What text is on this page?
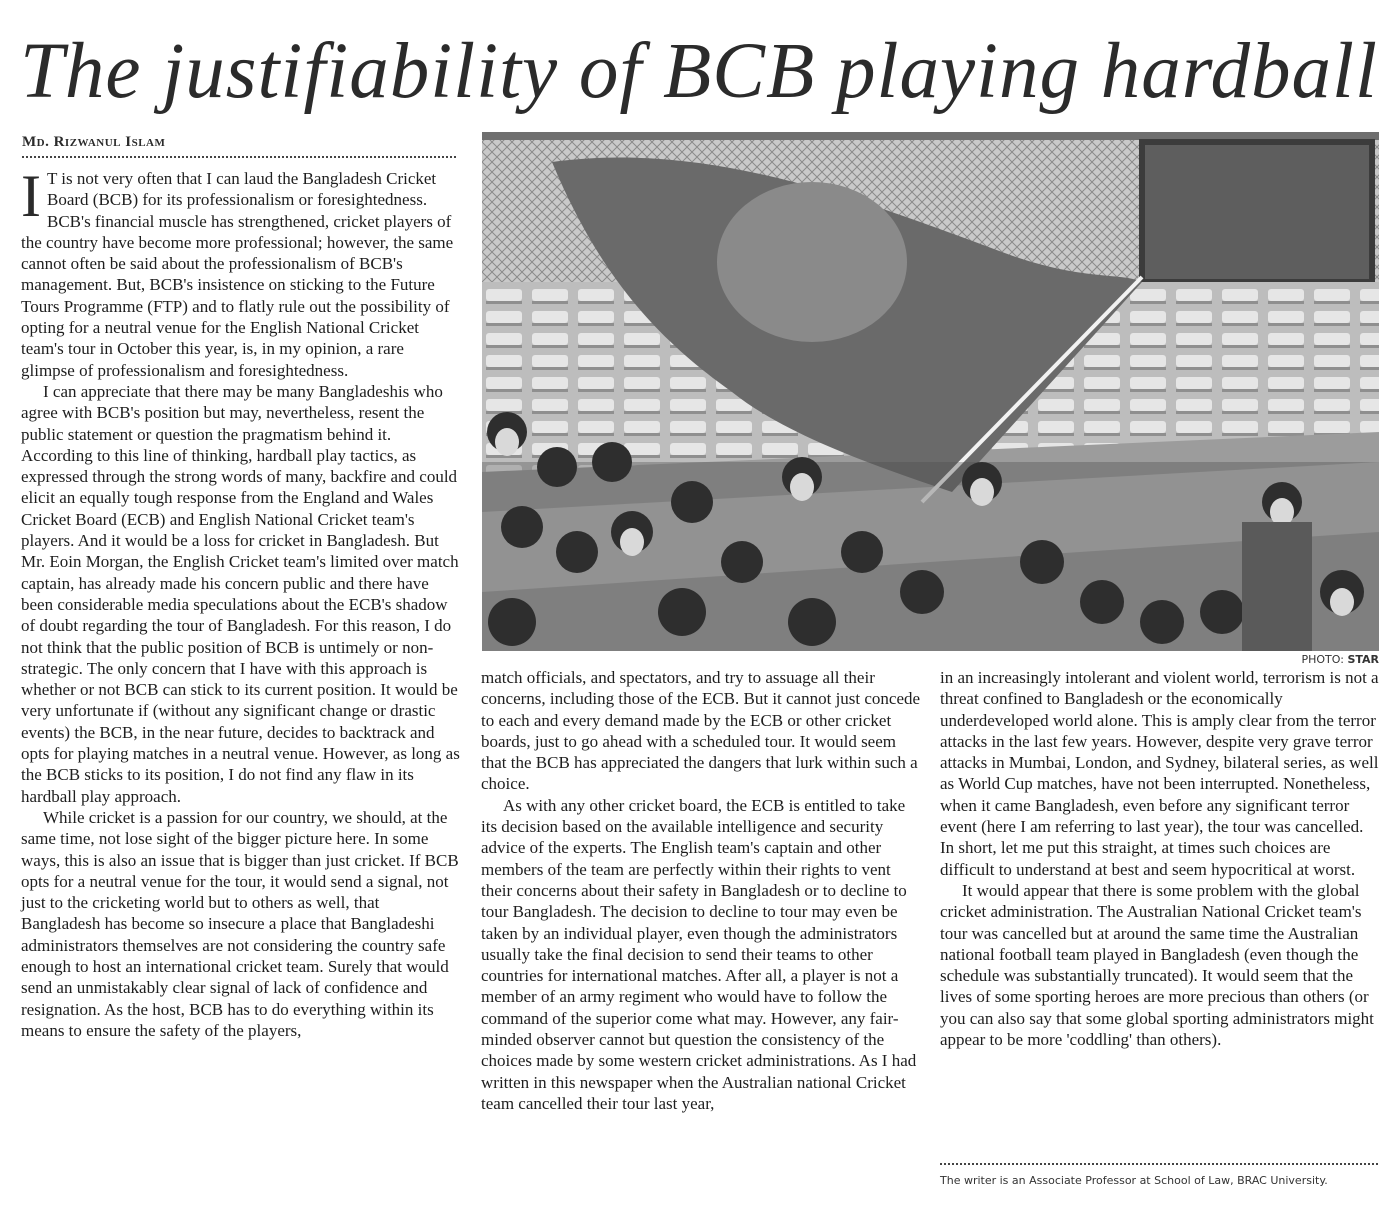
The justifiability of BCB playing hardball
Md. Rizwanul Islam

I T is not very often that I can laud the Bangladesh Cricket Board (BCB) for its professionalism or foresightedness. BCB's financial muscle has strengthened, cricket players of the country have become more professional; however, the same cannot often be said about the professionalism of BCB's management. But, BCB's insistence on sticking to the Future Tours Programme (FTP) and to flatly rule out the possibility of opting for a neutral venue for the English National Cricket team's tour in October this year, is, in my opinion, a rare glimpse of professionalism and foresightedness.

I can appreciate that there may be many Bangladeshis who agree with BCB's position but may, nevertheless, resent the public statement or question the pragmatism behind it. According to this line of thinking, hardball play tactics, as expressed through the strong words of many, backfire and could elicit an equally tough response from the England and Wales Cricket Board (ECB) and English National Cricket team's players. And it would be a loss for cricket in Bangladesh. But Mr. Eoin Morgan, the English Cricket team's limited over match captain, has already made his concern public and there have been considerable media speculations about the ECB's shadow of doubt regarding the tour of Bangladesh. For this reason, I do not think that the public position of BCB is untimely or non-strategic. The only concern that I have with this approach is whether or not BCB can stick to its current position. It would be very unfortunate if (without any significant change or drastic events) the BCB, in the near future, decides to backtrack and opts for playing matches in a neutral venue. However, as long as the BCB sticks to its position, I do not find any flaw in its hardball play approach.

While cricket is a passion for our country, we should, at the same time, not lose sight of the bigger picture here. In some ways, this is also an issue that is bigger than just cricket. If BCB opts for a neutral venue for the tour, it would send a signal, not just to the cricketing world but to others as well, that Bangladesh has become so insecure a place that Bangladeshi administrators themselves are not considering the country safe enough to host an international cricket team. Surely that would send an unmistakably clear signal of lack of confidence and resignation. As the host, BCB has to do everything within its means to ensure the safety of the players,

PHOTO: STAR

match officials, and spectators, and try to assuage all their concerns, including those of the ECB. But it cannot just concede to each and every demand made by the ECB or other cricket boards, just to go ahead with a scheduled tour. It would seem that the BCB has appreciated the dangers that lurk within such a choice.

As with any other cricket board, the ECB is entitled to take its decision based on the available intelligence and security advice of the experts. The English team's captain and other members of the team are perfectly within their rights to vent their concerns about their safety in Bangladesh or to decline to tour Bangladesh. The decision to decline to tour may even be taken by an individual player, even though the administrators usually take the final decision to send their teams to other countries for international matches. After all, a player is not a member of an army regiment who would have to follow the command of the superior come what may. However, any fair-minded observer cannot but question the consistency of the choices made by some western cricket administrations. As I had written in this newspaper when the Australian national Cricket team cancelled their tour last year,

in an increasingly intolerant and violent world, terrorism is not a threat confined to Bangladesh or the economically underdeveloped world alone. This is amply clear from the terror attacks in the last few years. However, despite very grave terror attacks in Mumbai, London, and Sydney, bilateral series, as well as World Cup matches, have not been interrupted. Nonetheless, when it came Bangladesh, even before any significant terror event (here I am referring to last year), the tour was cancelled. In short, let me put this straight, at times such choices are difficult to understand at best and seem hypocritical at worst.

It would appear that there is some problem with the global cricket administration. The Australian National Cricket team's tour was cancelled but at around the same time the Australian national football team played in Bangladesh (even though the schedule was substantially truncated). It would seem that the lives of some sporting heroes are more precious than others (or you can also say that some global sporting administrators might appear to be more 'coddling' than others).

The writer is an Associate Professor at School of Law, BRAC University.
